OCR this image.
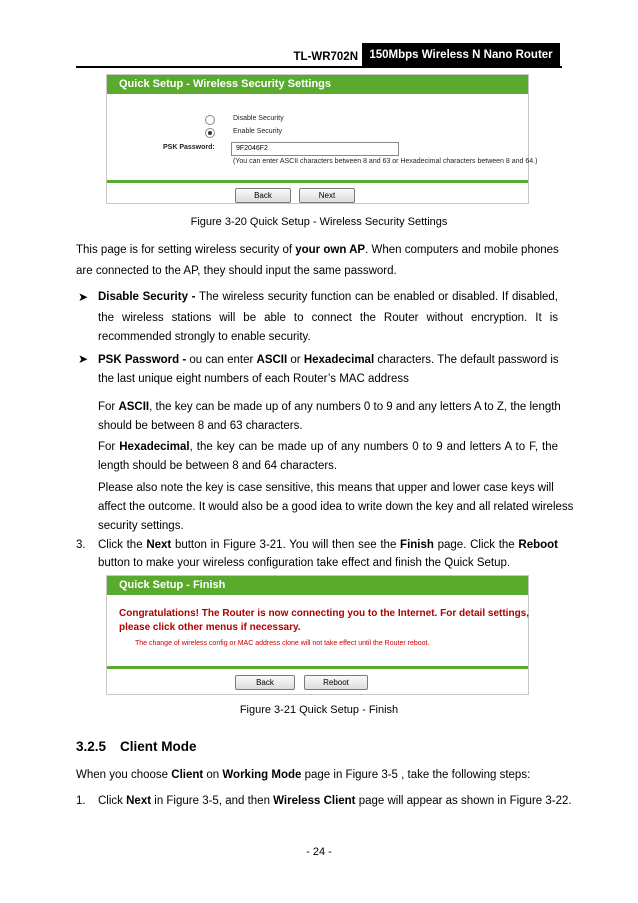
TL-WR702N 150Mbps Wireless N Nano Router
Quick Setup - Wireless Security Settings
Disable Security
Enable Security
PSK Password:	9F2046F2
(You can enter ASCII characters between 8 and 63 or Hexadecimal characters between 8 and 64.)
Back	Next
Figure 3-20 Quick Setup - Wireless Security Settings
This page is for setting wireless security of your own AP. When computers and mobile phones
are connected to the AP, they should input the same password.
➤ Disable Security - The wireless security function can be enabled or disabled. If disabled,
the wireless stations will be able to connect the Router without encryption. It is
recommended strongly to enable security.
➤ PSK Password - ou can enter ASCII or Hexadecimal characters. The default password is
the last unique eight numbers of each Router’s MAC address
For ASCII, the key can be made up of any numbers 0 to 9 and any letters A to Z, the length
should be between 8 and 63 characters.
For Hexadecimal, the key can be made up of any numbers 0 to 9 and letters A to F, the
length should be between 8 and 64 characters.
Please also note the key is case sensitive, this means that upper and lower case keys will
affect the outcome. It would also be a good idea to write down the key and all related wireless
security settings.
3. Click the Next button in Figure 3-21. You will then see the Finish page. Click the Reboot
button to make your wireless configuration take effect and finish the Quick Setup.
Quick Setup - Finish
Congratulations! The Router is now connecting you to the Internet. For detail settings,
please click other menus if necessary.
The change of wireless config or MAC address clone will not take effect until the Router reboot.
Back	Reboot
Figure 3-21 Quick Setup - Finish
3.2.5 Client Mode
When you choose Client on Working Mode page in Figure 3-5 , take the following steps:
1. Click Next in Figure 3-5, and then Wireless Client page will appear as shown in Figure 3-22.
- 24 -
